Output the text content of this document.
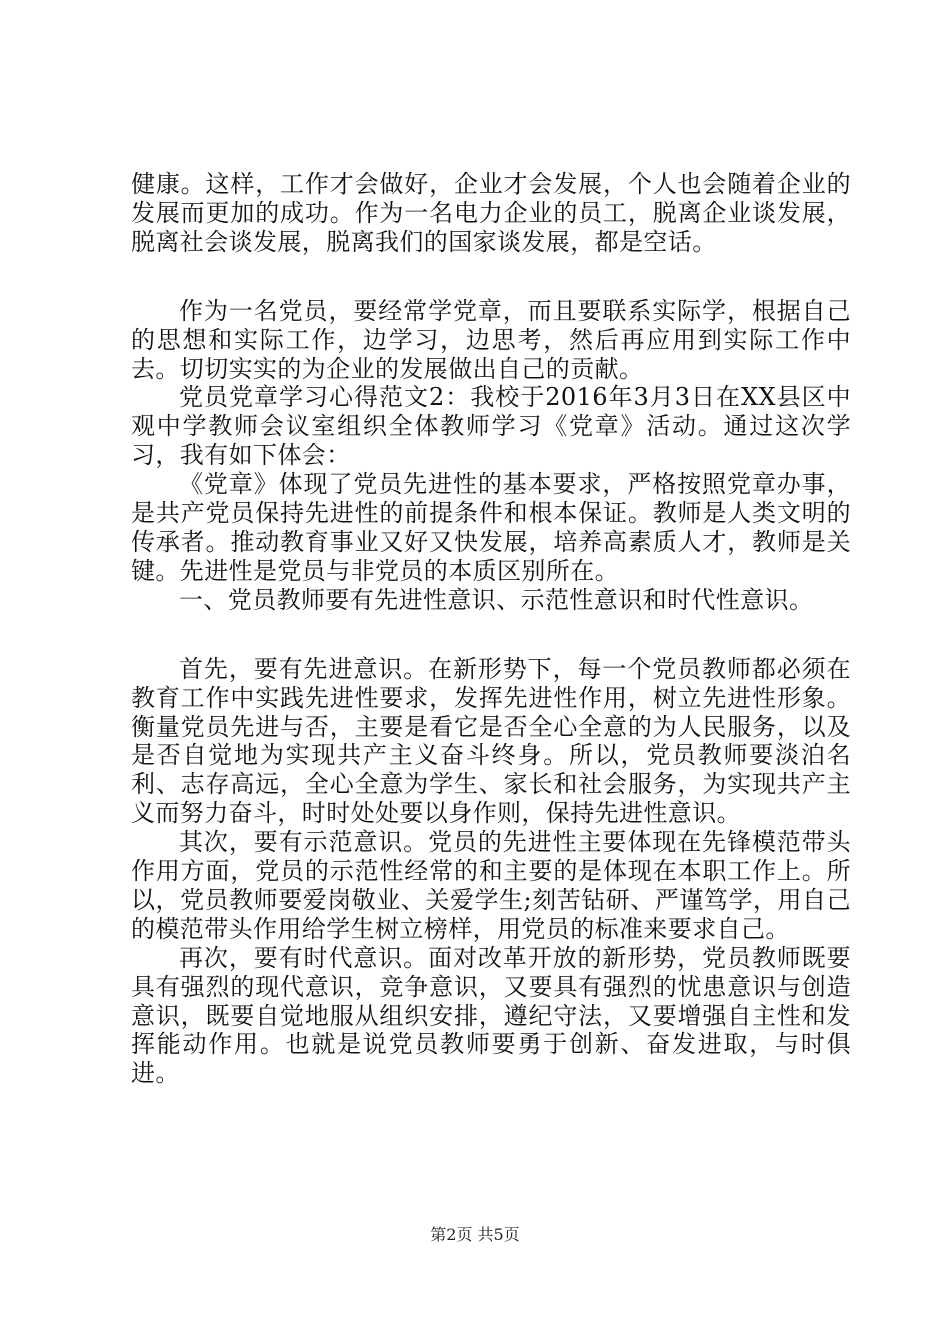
健康。这样，工作才会做好，企业才会发展，个人也会随着企业的发展而更加的成功。作为一名电力企业的员工，脱离企业谈发展，脱离社会谈发展，脱离我们的国家谈发展，都是空话。

作为一名党员，要经常学党章，而且要联系实际学，根据自己的思想和实际工作，边学习，边思考，然后再应用到实际工作中去。切切实实的为企业的发展做出自己的贡献。

党员党章学习心得范文2：我校于2016年3月3日在XX县区中观中学教师会议室组织全体教师学习《党章》活动。通过这次学习，我有如下体会：

《党章》体现了党员先进性的基本要求，严格按照党章办事，是共产党员保持先进性的前提条件和根本保证。教师是人类文明的传承者。推动教育事业又好又快发展，培养高素质人才，教师是关键。先进性是党员与非党员的本质区别所在。

一、党员教师要有先进性意识、示范性意识和时代性意识。

首先，要有先进意识。在新形势下，每一个党员教师都必须在教育工作中实践先进性要求，发挥先进性作用，树立先进性形象。衡量党员先进与否，主要是看它是否全心全意的为人民服务，以及是否自觉地为实现共产主义奋斗终身。所以，党员教师要淡泊名利、志存高远，全心全意为学生、家长和社会服务，为实现共产主义而努力奋斗，时时处处要以身作则，保持先进性意识。

其次，要有示范意识。党员的先进性主要体现在先锋模范带头作用方面，党员的示范性经常的和主要的是体现在本职工作上。所以，党员教师要爱岗敬业、关爱学生;刻苦钻研、严谨笃学，用自己的模范带头作用给学生树立榜样，用党员的标准来要求自己。

再次，要有时代意识。面对改革开放的新形势，党员教师既要具有强烈的现代意识，竞争意识，又要具有强烈的忧患意识与创造意识，既要自觉地服从组织安排，遵纪守法，又要增强自主性和发挥能动作用。也就是说党员教师要勇于创新、奋发进取，与时俱进。

第2页 共5页
